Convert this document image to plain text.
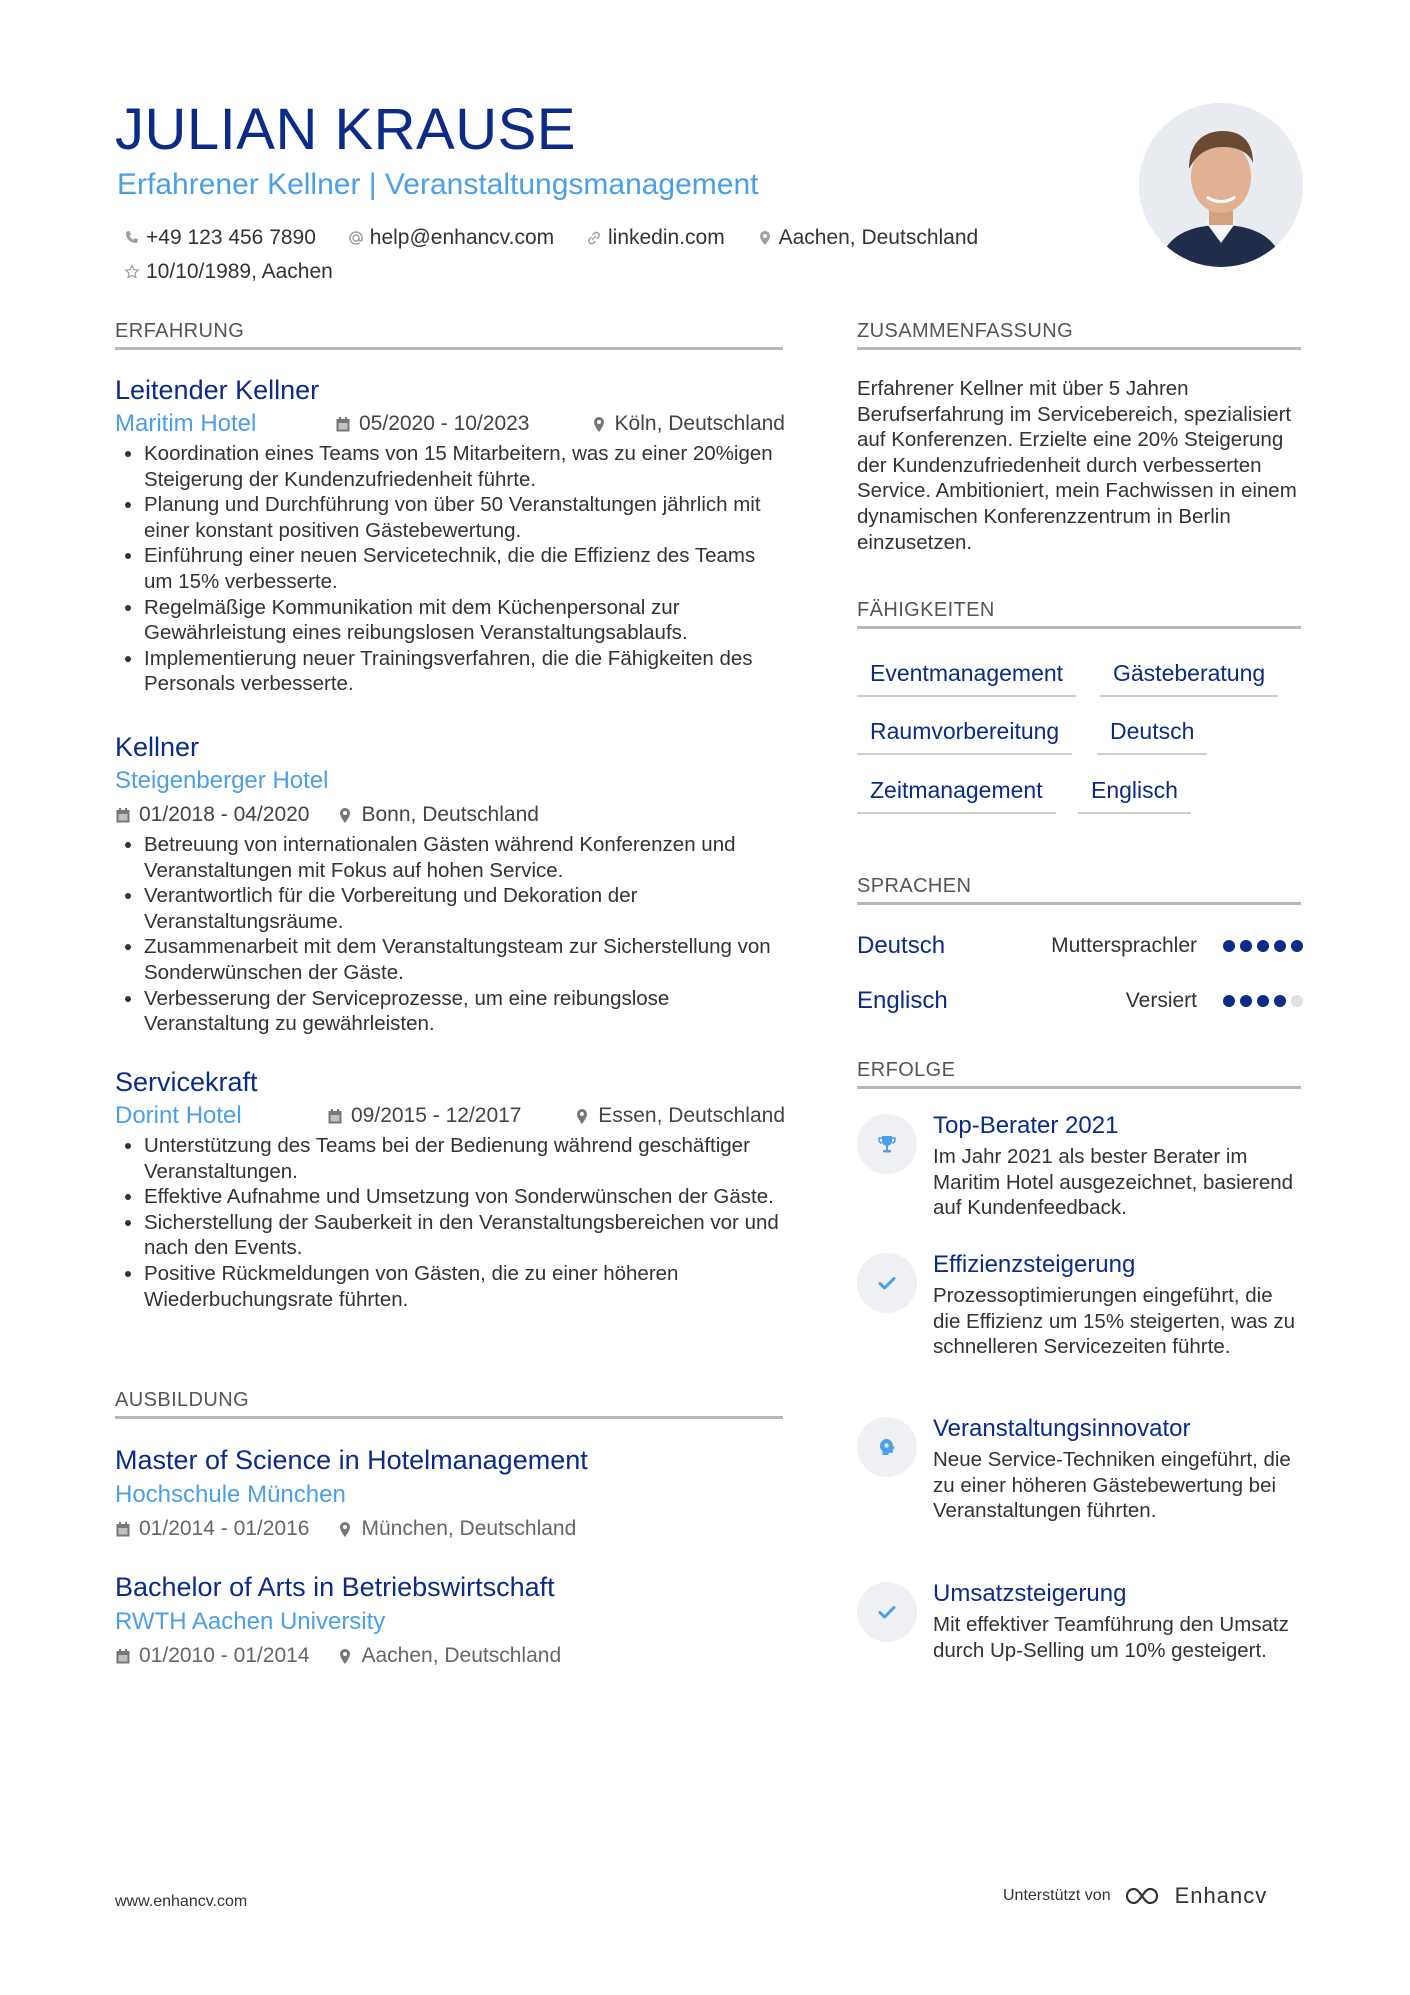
JULIAN KRAUSE
Erfahrener Kellner | Veranstaltungsmanagement
+49 123 456 7890
	help@enhancv.com
	linkedin.com
	Aachen, Deutschland

10/10/1989, Aachen
ERFAHRUNG
Leitender Kellner
Maritim Hotel	05/2020 - 10/2023	Köln, Deutschland
• Koordination eines Teams von 15 Mitarbeitern, was zu einer 20%igen Steigerung der Kundenzufriedenheit führte.
• Planung und Durchführung von über 50 Veranstaltungen jährlich mit einer konstant positiven Gästebewertung.
• Einführung einer neuen Servicetechnik, die die Effizienz des Teams um 15% verbesserte.
• Regelmäßige Kommunikation mit dem Küchenpersonal zur Gewährleistung eines reibungslosen Veranstaltungsablaufs.
• Implementierung neuer Trainingsverfahren, die die Fähigkeiten des Personals verbesserte.
Kellner
Steigenberger Hotel
01/2018 - 04/2020 Bonn, Deutschland
• Betreuung von internationalen Gästen während Konferenzen und Veranstaltungen mit Fokus auf hohen Service.
• Verantwortlich für die Vorbereitung und Dekoration der Veranstaltungsräume.
• Zusammenarbeit mit dem Veranstaltungsteam zur Sicherstellung von Sonderwünschen der Gäste.
• Verbesserung der Serviceprozesse, um eine reibungslose Veranstaltung zu gewährleisten.
Servicekraft
Dorint Hotel	09/2015 - 12/2017	Essen, Deutschland
• Unterstützung des Teams bei der Bedienung während geschäftiger Veranstaltungen.
• Effektive Aufnahme und Umsetzung von Sonderwünschen der Gäste.
• Sicherstellung der Sauberkeit in den Veranstaltungsbereichen vor und nach den Events.
• Positive Rückmeldungen von Gästen, die zu einer höheren Wiederbuchungsrate führten.
AUSBILDUNG
Master of Science in Hotelmanagement
Hochschule München
01/2014 - 01/2016 München, Deutschland
Bachelor of Arts in Betriebswirtschaft
RWTH Aachen University
01/2010 - 01/2014 Aachen, Deutschland
ZUSAMMENFASSUNG
Erfahrener Kellner mit über 5 Jahren Berufserfahrung im Servicebereich, spezialisiert auf Konferenzen. Erzielte eine 20% Steigerung der Kundenzufriedenheit durch verbesserten Service. Ambitioniert, mein Fachwissen in einem dynamischen Konferenzzentrum in Berlin einzusetzen.
FÄHIGKEITEN
Eventmanagement	Gästeberatung
Raumvorbereitung	Deutsch
Zeitmanagement	Englisch
SPRACHEN
Deutsch	Muttersprachler
Englisch	Versiert
ERFOLGE
Top-Berater 2021
Im Jahr 2021 als bester Berater im Maritim Hotel ausgezeichnet, basierend auf Kundenfeedback.
Effizienzsteigerung
Prozessoptimierungen eingeführt, die die Effizienz um 15% steigerten, was zu schnelleren Servicezeiten führte.
Veranstaltungsinnovator
Neue Service-Techniken eingeführt, die zu einer höheren Gästebewertung bei Veranstaltungen führten.
Umsatzsteigerung
Mit effektiver Teamführung den Umsatz durch Up-Selling um 10% gesteigert.
www.enhancv.com	Unterstützt von	Enhancv
